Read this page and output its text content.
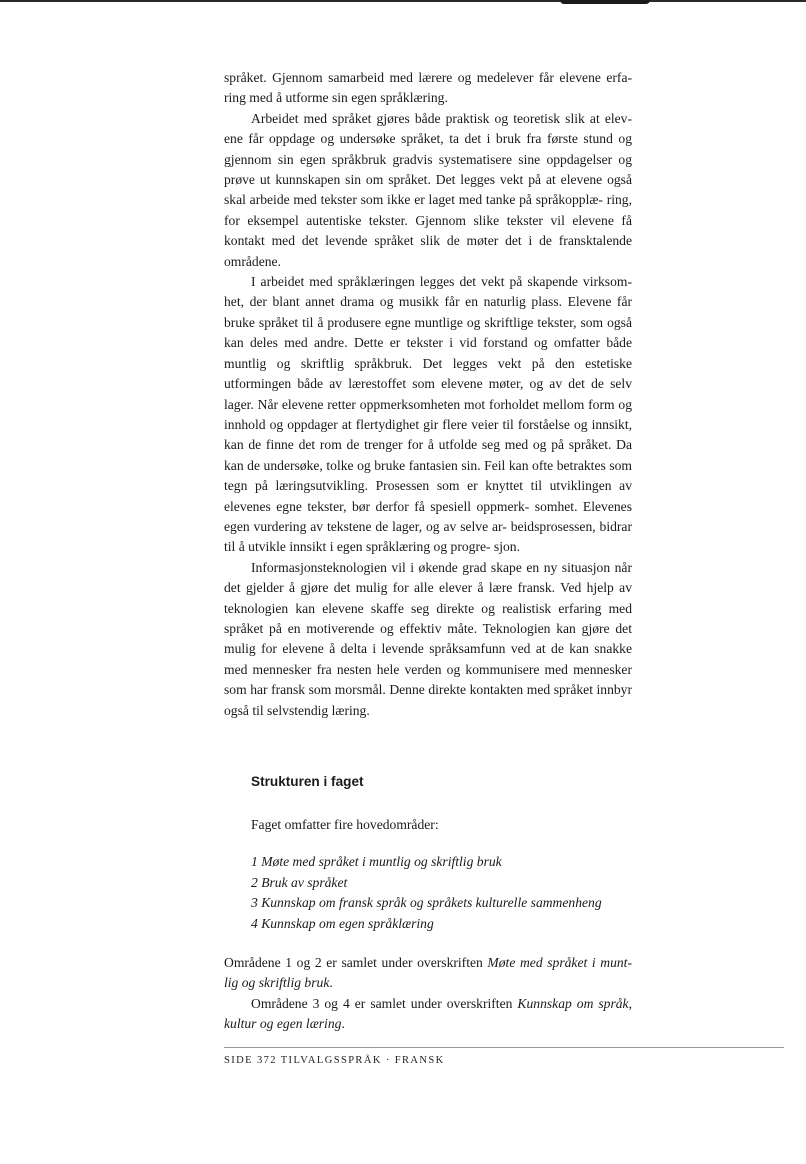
språket. Gjennom samarbeid med lærere og medelever får elevene erfa- ring med å utforme sin egen språklæring.

Arbeidet med språket gjøres både praktisk og teoretisk slik at elev- ene får oppdage og undersøke språket, ta det i bruk fra første stund og gjennom sin egen språkbruk gradvis systematisere sine oppdagelser og prøve ut kunnskapen sin om språket. Det legges vekt på at elevene også skal arbeide med tekster som ikke er laget med tanke på språkopplæ- ring, for eksempel autentiske tekster. Gjennom slike tekster vil elevene få kontakt med det levende språket slik de møter det i de fransktalende områdene.

I arbeidet med språklæringen legges det vekt på skapende virksom- het, der blant annet drama og musikk får en naturlig plass. Elevene får bruke språket til å produsere egne muntlige og skriftlige tekster, som også kan deles med andre. Dette er tekster i vid forstand og omfatter både muntlig og skriftlig språkbruk. Det legges vekt på den estetiske utformingen både av lærestoffet som elevene møter, og av det de selv lager. Når elevene retter oppmerksomheten mot forholdet mellom form og innhold og oppdager at flertydighet gir flere veier til forståelse og innsikt, kan de finne det rom de trenger for å utfolde seg med og på språket. Da kan de undersøke, tolke og bruke fantasien sin. Feil kan ofte betraktes som tegn på læringsutvikling. Prosessen som er knyttet til utviklingen av elevenes egne tekster, bør derfor få spesiell oppmerk- somhet. Elevenes egen vurdering av tekstene de lager, og av selve ar- beidsprosessen, bidrar til å utvikle innsikt i egen språklæring og progre- sjon.

Informasjonsteknologien vil i økende grad skape en ny situasjon når det gjelder å gjøre det mulig for alle elever å lære fransk. Ved hjelp av teknologien kan elevene skaffe seg direkte og realistisk erfaring med språket på en motiverende og effektiv måte. Teknologien kan gjøre det mulig for elevene å delta i levende språksamfunn ved at de kan snakke med mennesker fra nesten hele verden og kommunisere med mennesker som har fransk som morsmål. Denne direkte kontakten med språket innbyr også til selvstendig læring.

Strukturen i faget
Faget omfatter fire hovedområder:
1 Møte med språket i muntlig og skriftlig bruk
2 Bruk av språket
3 Kunnskap om fransk språk og språkets kulturelle sammenheng
4 Kunnskap om egen språklæring

Områdene 1 og 2 er samlet under overskriften Møte med språket i munt- lig og skriftlig bruk.

Områdene 3 og 4 er samlet under overskriften Kunnskap om språk, kultur og egen læring.

SIDE 372 TILVALGSSPRÅK · FRANSK
